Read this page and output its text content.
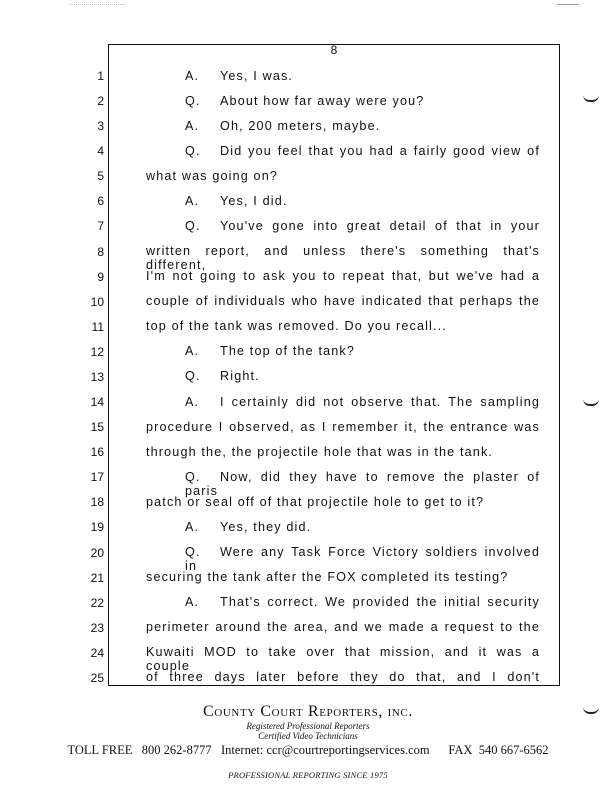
8
1	A. Yes, I was.
2	Q. About how far away were you?
3	A. Oh, 200 meters, maybe.
4	Q. Did you feel that you had a fairly good view of
5	what was going on?
6	A. Yes, I did.
7	Q. You've gone into great detail of that in your
8	written report, and unless there's something that's different,
9	I'm not going to ask you to repeat that, but we've had a
10	couple of individuals who have indicated that perhaps the
11	top of the tank was removed. Do you recall...
12	A. The top of the tank?
13	Q. Right.
14	A. I certainly did not observe that. The sampling
15	procedure I observed, as I remember it, the entrance was
16	through the, the projectile hole that was in the tank.
17	Q. Now, did they have to remove the plaster of paris
18	patch or seal off of that projectile hole to get to it?
19	A. Yes, they did.
20	Q. Were any Task Force Victory soldiers involved in
21	securing the tank after the FOX completed its testing?
22	A. That's correct. We provided the initial security
23	perimeter around the area, and we made a request to the
24	Kuwaiti MOD to take over that mission, and it was a couple
25	of three days later before they do that, and I don't
County Court Reporters, inc.
Registered Professional Reporters
Certified Video Technicians
TOLL FREE
800 262-8777
Internet:
ccr@courtreportingservices.com
FAX
540 667-6562
PROFESSIONAL REPORTING SINCE 1975
